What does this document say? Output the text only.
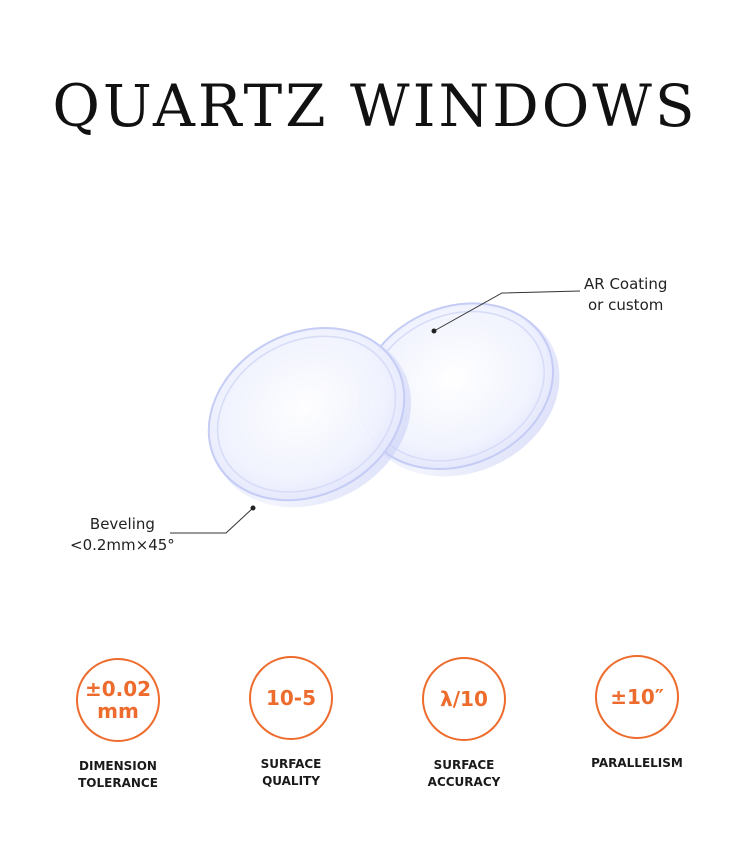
QUARTZ WINDOWS
AR Coating
or custom
Beveling
<0.2mm×45°
±0.02
mm
DIMENSION
TOLERANCE
10-5
SURFACE
QUALITY
λ/10
SURFACE
ACCURACY
±10″
PARALLELISM
